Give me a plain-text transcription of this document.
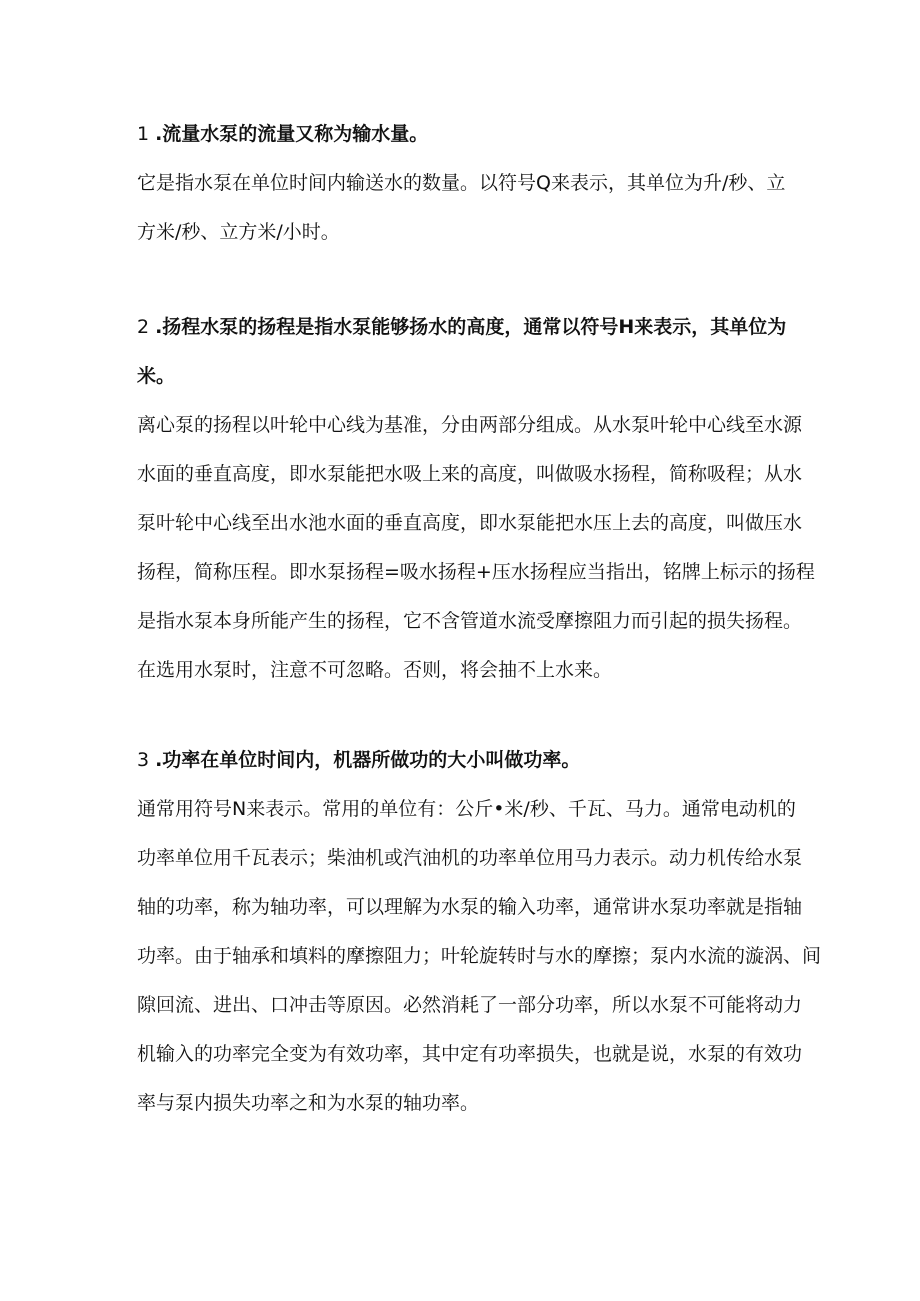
1 .流量水泵的流量又称为输水量。

它是指水泵在单位时间内输送水的数量。以符号Q来表示，其单位为升/秒、立
方米/秒、立方米/小时。

2 .扬程水泵的扬程是指水泵能够扬水的高度，通常以符号H来表示，其单位为
米。

离心泵的扬程以叶轮中心线为基准，分由两部分组成。从水泵叶轮中心线至水源
水面的垂直高度，即水泵能把水吸上来的高度，叫做吸水扬程，简称吸程；从水
泵叶轮中心线至出水池水面的垂直高度，即水泵能把水压上去的高度，叫做压水
扬程，简称压程。即水泵扬程=吸水扬程+压水扬程应当指出，铭牌上标示的扬程
是指水泵本身所能产生的扬程，它不含管道水流受摩擦阻力而引起的损失扬程。
在选用水泵时，注意不可忽略。否则，将会抽不上水来。

3 .功率在单位时间内，机器所做功的大小叫做功率。

通常用符号N来表示。常用的单位有：公斤•米/秒、千瓦、马力。通常电动机的
功率单位用千瓦表示；柴油机或汽油机的功率单位用马力表示。动力机传给水泵
轴的功率，称为轴功率，可以理解为水泵的输入功率，通常讲水泵功率就是指轴
功率。由于轴承和填料的摩擦阻力；叶轮旋转时与水的摩擦；泵内水流的漩涡、间
隙回流、进出、口冲击等原因。必然消耗了一部分功率，所以水泵不可能将动力
机输入的功率完全变为有效功率，其中定有功率损失，也就是说，水泵的有效功
率与泵内损失功率之和为水泵的轴功率。
